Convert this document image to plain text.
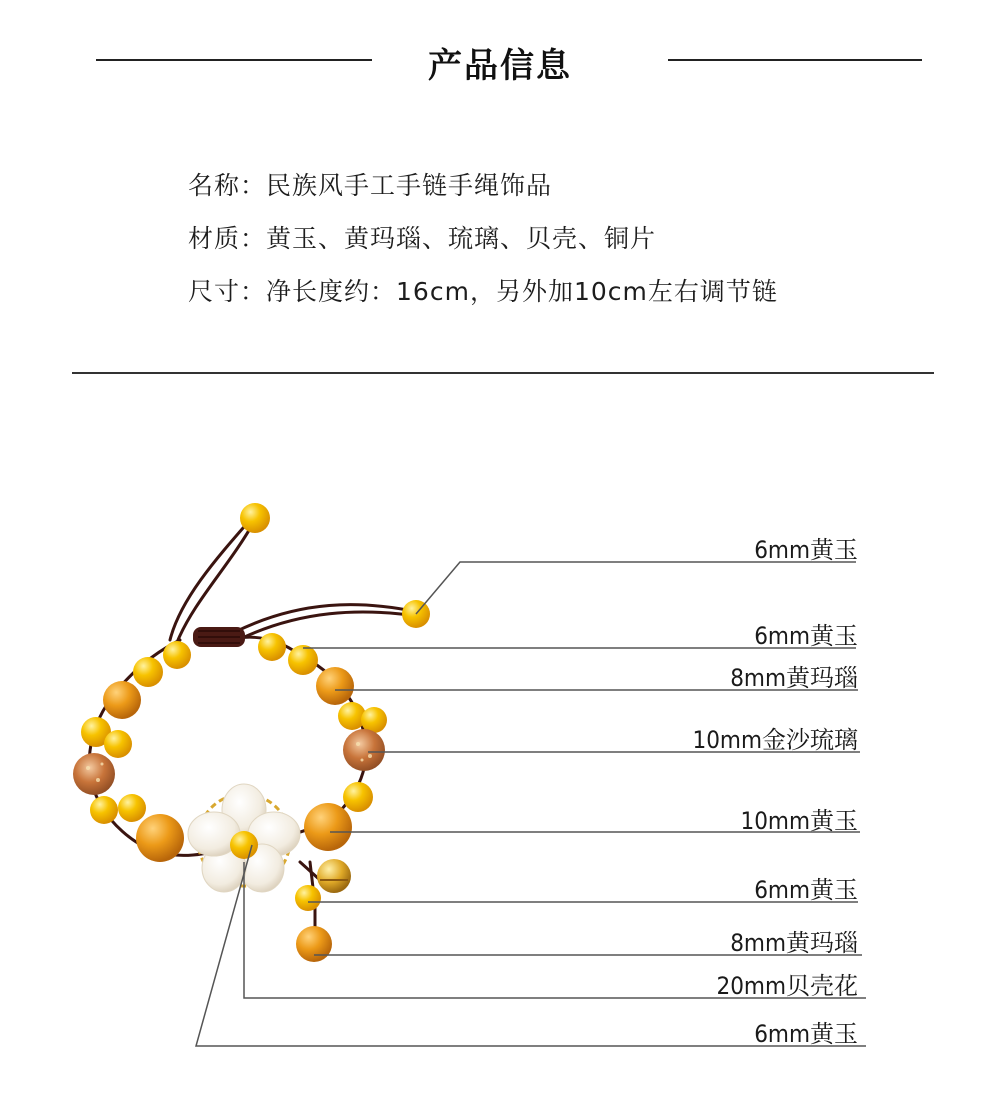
产品信息
名称：民族风手工手链手绳饰品
材质：黄玉、黄玛瑙、琉璃、贝壳、铜片
尺寸：净长度约：16cm，另外加10cm左右调节链
6mm黄玉
6mm黄玉
8mm黄玛瑙
10mm金沙琉璃
10mm黄玉
6mm黄玉
8mm黄玛瑙
20mm贝壳花
6mm黄玉
